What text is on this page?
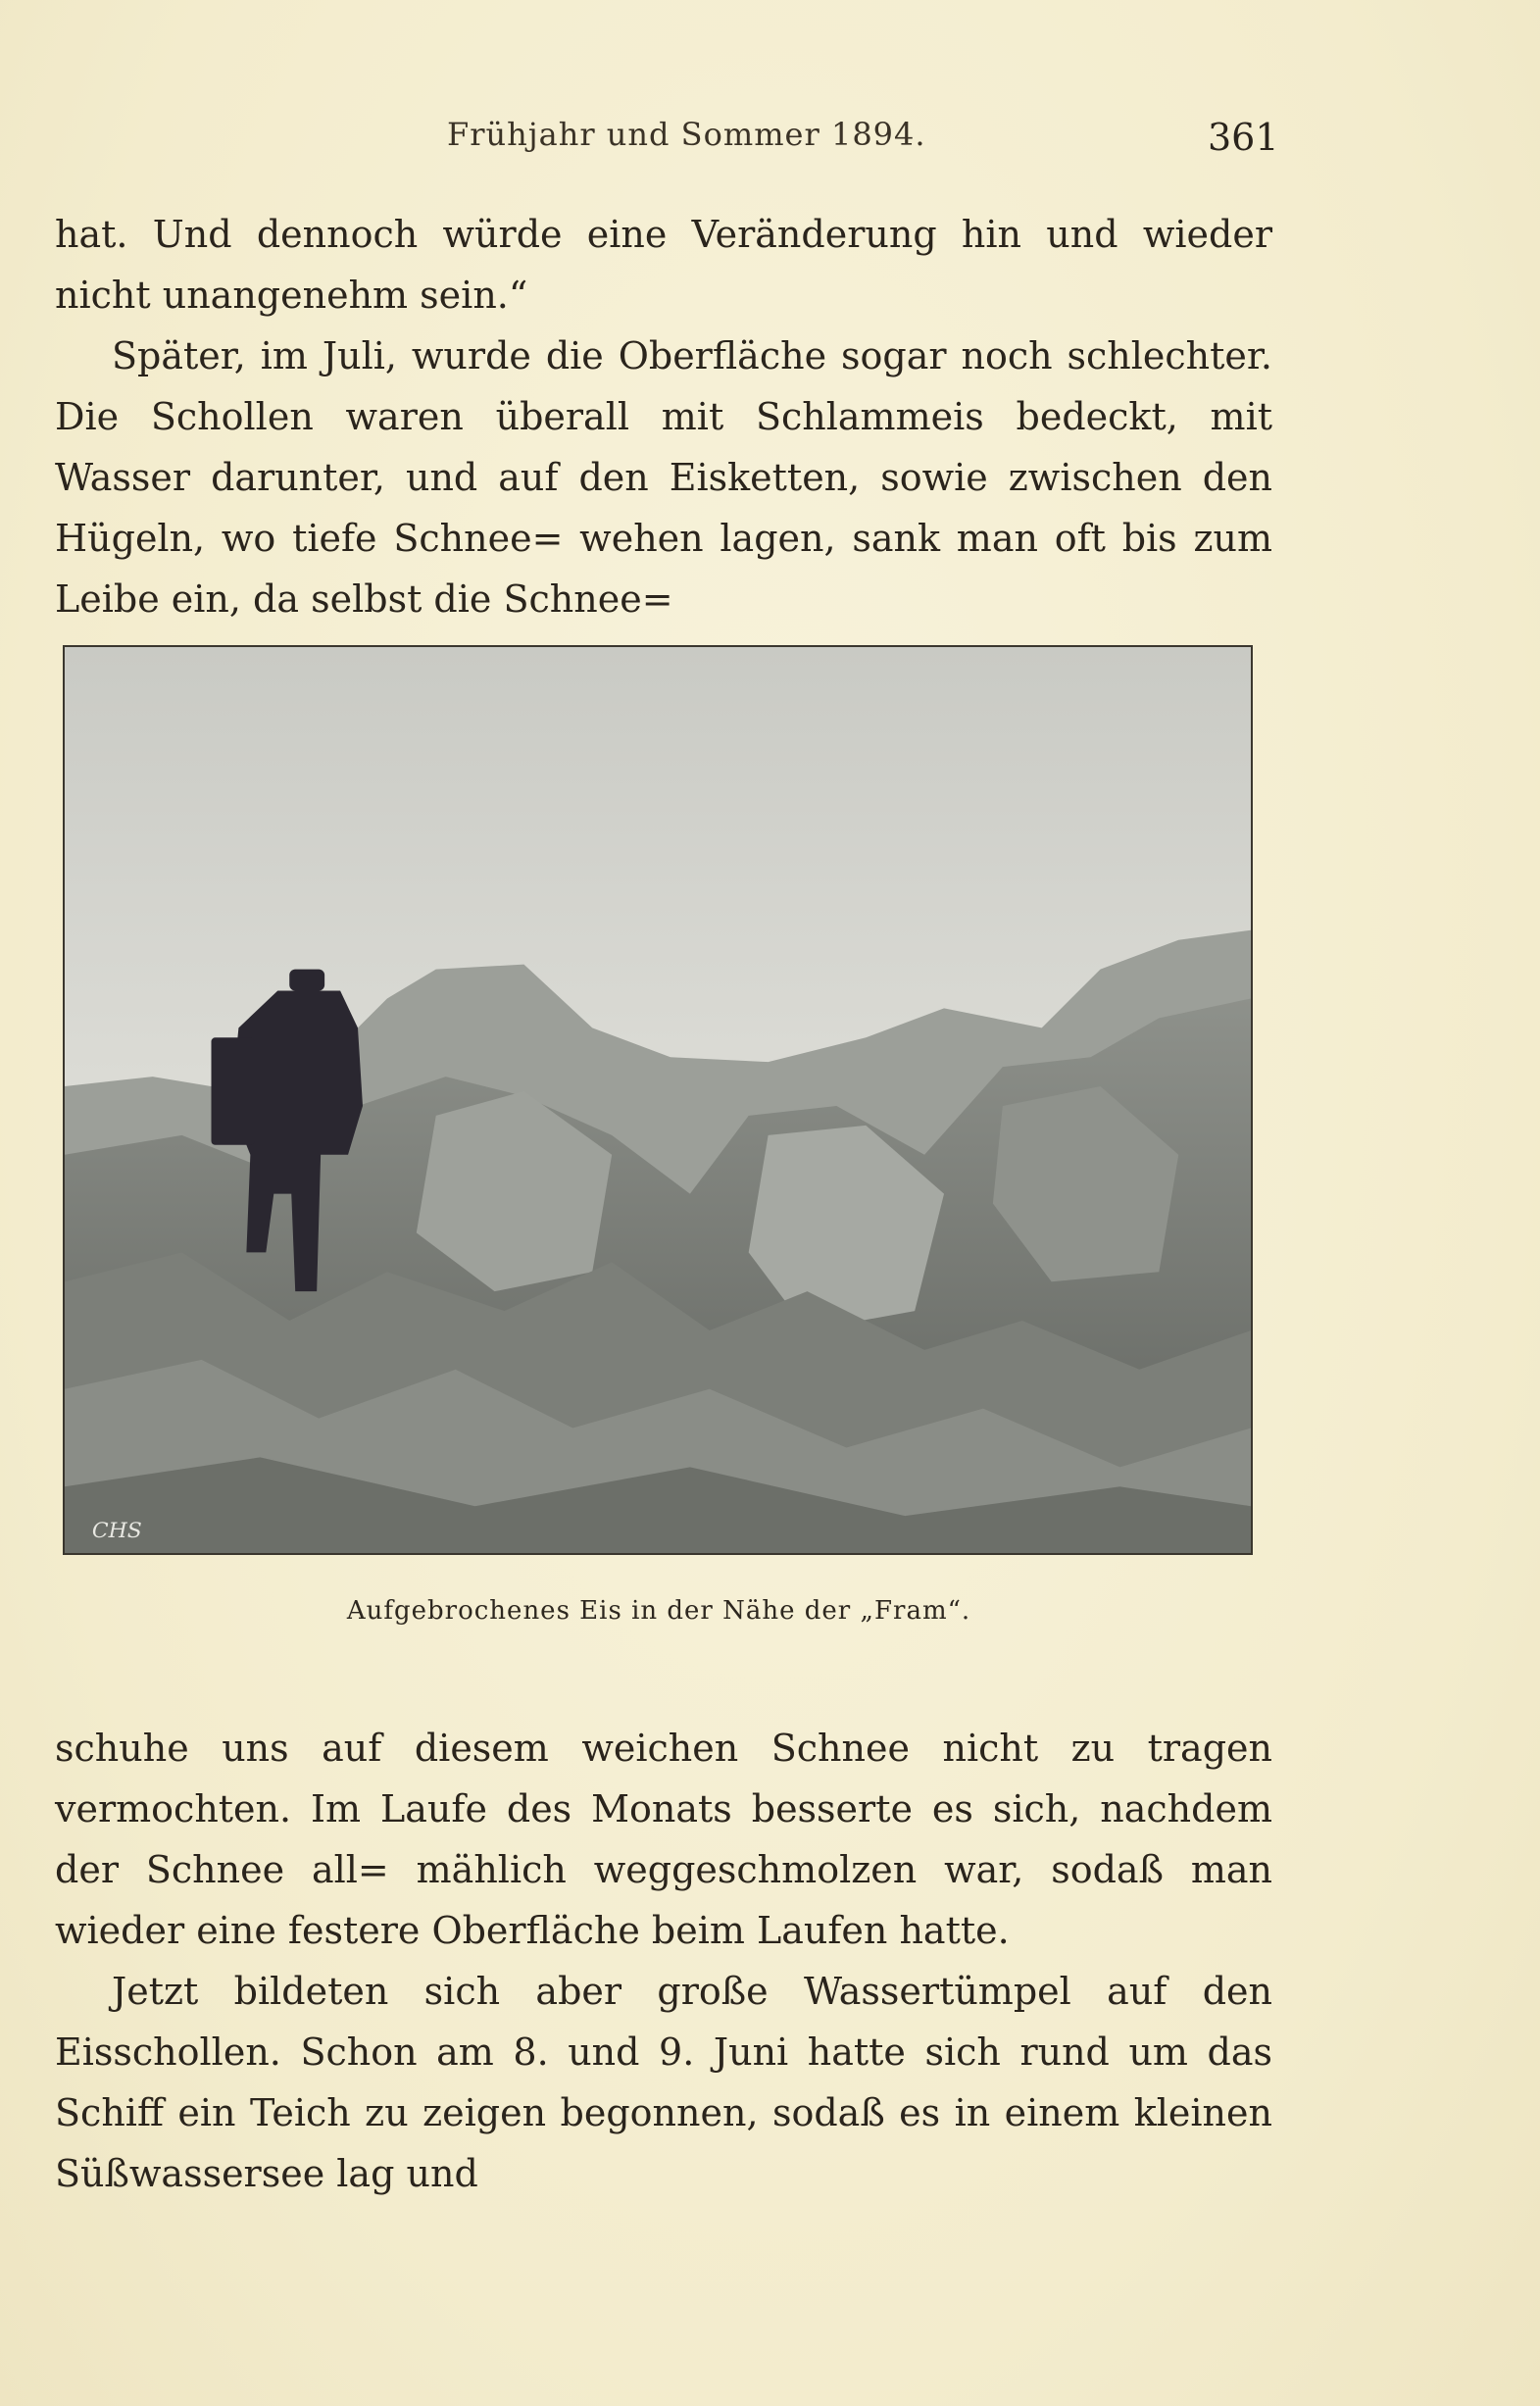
Frühjahr und Sommer 1894.	361

hat. Und dennoch würde eine Veränderung hin und wieder nicht unangenehm sein.“

Später, im Juli, wurde die Oberfläche sogar noch schlechter. Die Schollen waren überall mit Schlammeis bedeckt, mit Wasser darunter, und auf den Eisketten, sowie zwischen den Hügeln, wo tiefe Schnee= wehen lagen, sank man oft bis zum Leibe ein, da selbst die Schnee=

CHS
Aufgebrochenes Eis in der Nähe der „Fram“.

schuhe uns auf diesem weichen Schnee nicht zu tragen vermochten. Im Laufe des Monats besserte es sich, nachdem der Schnee all= mählich weggeschmolzen war, sodaß man wieder eine festere Oberfläche beim Laufen hatte.

Jetzt bildeten sich aber große Wassertümpel auf den Eisschollen. Schon am 8. und 9. Juni hatte sich rund um das Schiff ein Teich zu zeigen begonnen, sodaß es in einem kleinen Süßwassersee lag und
